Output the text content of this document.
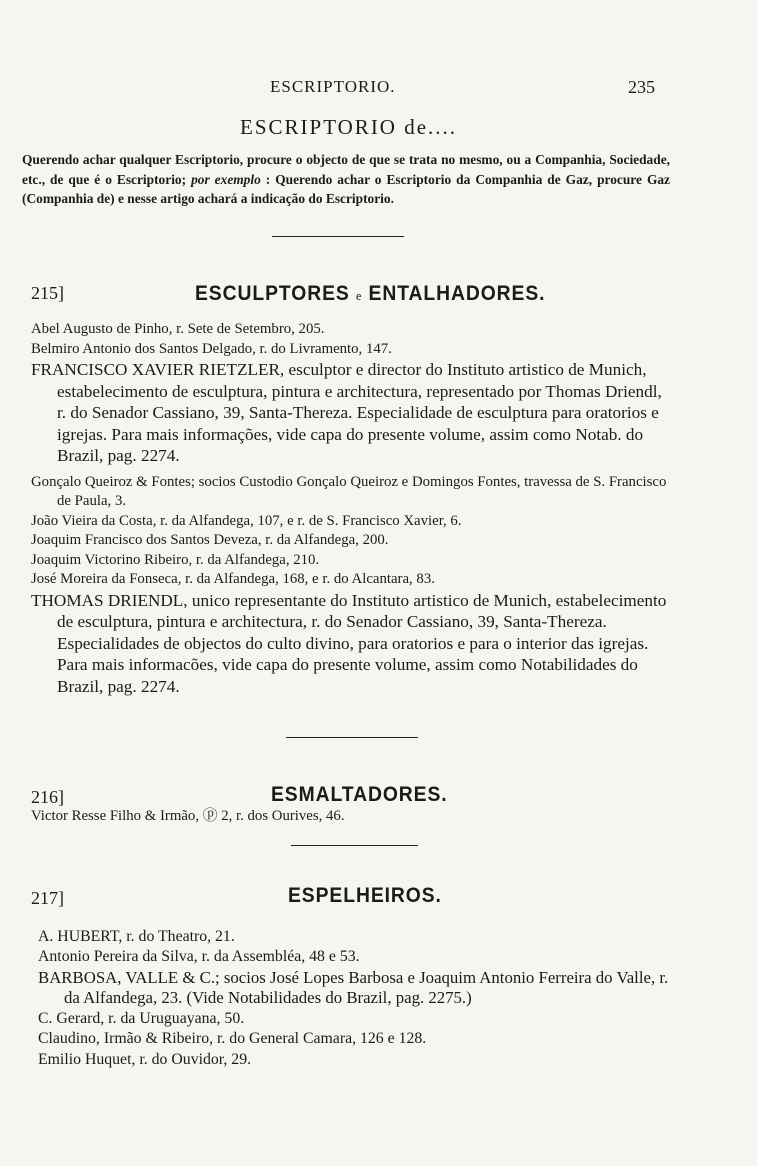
ESCRIPTORIO.	235
ESCRIPTORIO de....
Querendo achar qualquer Escriptorio, procure o objecto de que se trata no mesmo, ou a Companhia, Sociedade, etc., de que é o Escriptorio; por exemplo : Querendo achar o Escriptorio da Companhia de Gaz, procure Gaz (Companhia de) e nesse artigo achará a indicação do Escriptorio.
215]	ESCULPTORES e ENTALHADORES.
Abel Augusto de Pinho, r. Sete de Setembro, 205.
Belmiro Antonio dos Santos Delgado, r. do Livramento, 147.
FRANCISCO XAVIER RIETZLER, esculptor e director do Instituto artistico de Munich, estabelecimento de esculptura, pintura e architectura, representado por Thomas Driendl, r. do Senador Cassiano, 39, Santa-Thereza. Especialidade de esculptura para oratorios e igrejas. Para mais informações, vide capa do presente volume, assim como Notab. do Brazil, pag. 2274.
Gonçalo Queiroz & Fontes; socios Custodio Gonçalo Queiroz e Domingos Fontes, travessa de S. Francisco de Paula, 3.
João Vieira da Costa, r. da Alfandega, 107, e r. de S. Francisco Xavier, 6.
Joaquim Francisco dos Santos Deveza, r. da Alfandega, 200.
Joaquim Victorino Ribeiro, r. da Alfandega, 210.
José Moreira da Fonseca, r. da Alfandega, 168, e r. do Alcantara, 83.
THOMAS DRIENDL, unico representante do Instituto artistico de Munich, estabelecimento de esculptura, pintura e architectura, r. do Senador Cassiano, 39, Santa-Thereza. Especialidades de objectos do culto divino, para oratorios e para o interior das igrejas. Para mais informacões, vide capa do presente volume, assim como Notabilidades do Brazil, pag. 2274.
216]	ESMALTADORES.
Victor Resse Filho & Irmão, ⓟ 2, r. dos Ourives, 46.
217]	ESPELHEIROS.
A. HUBERT, r. do Theatro, 21.
Antonio Pereira da Silva, r. da Assembléa, 48 e 53.
BARBOSA, VALLE & C.; socios José Lopes Barbosa e Joaquim Antonio Ferreira do Valle, r. da Alfandega, 23. (Vide Notabilidades do Brazil, pag. 2275.)
C. Gerard, r. da Uruguayana, 50.
Claudino, Irmão & Ribeiro, r. do General Camara, 126 e 128.
Emilio Huquet, r. do Ouvidor, 29.
